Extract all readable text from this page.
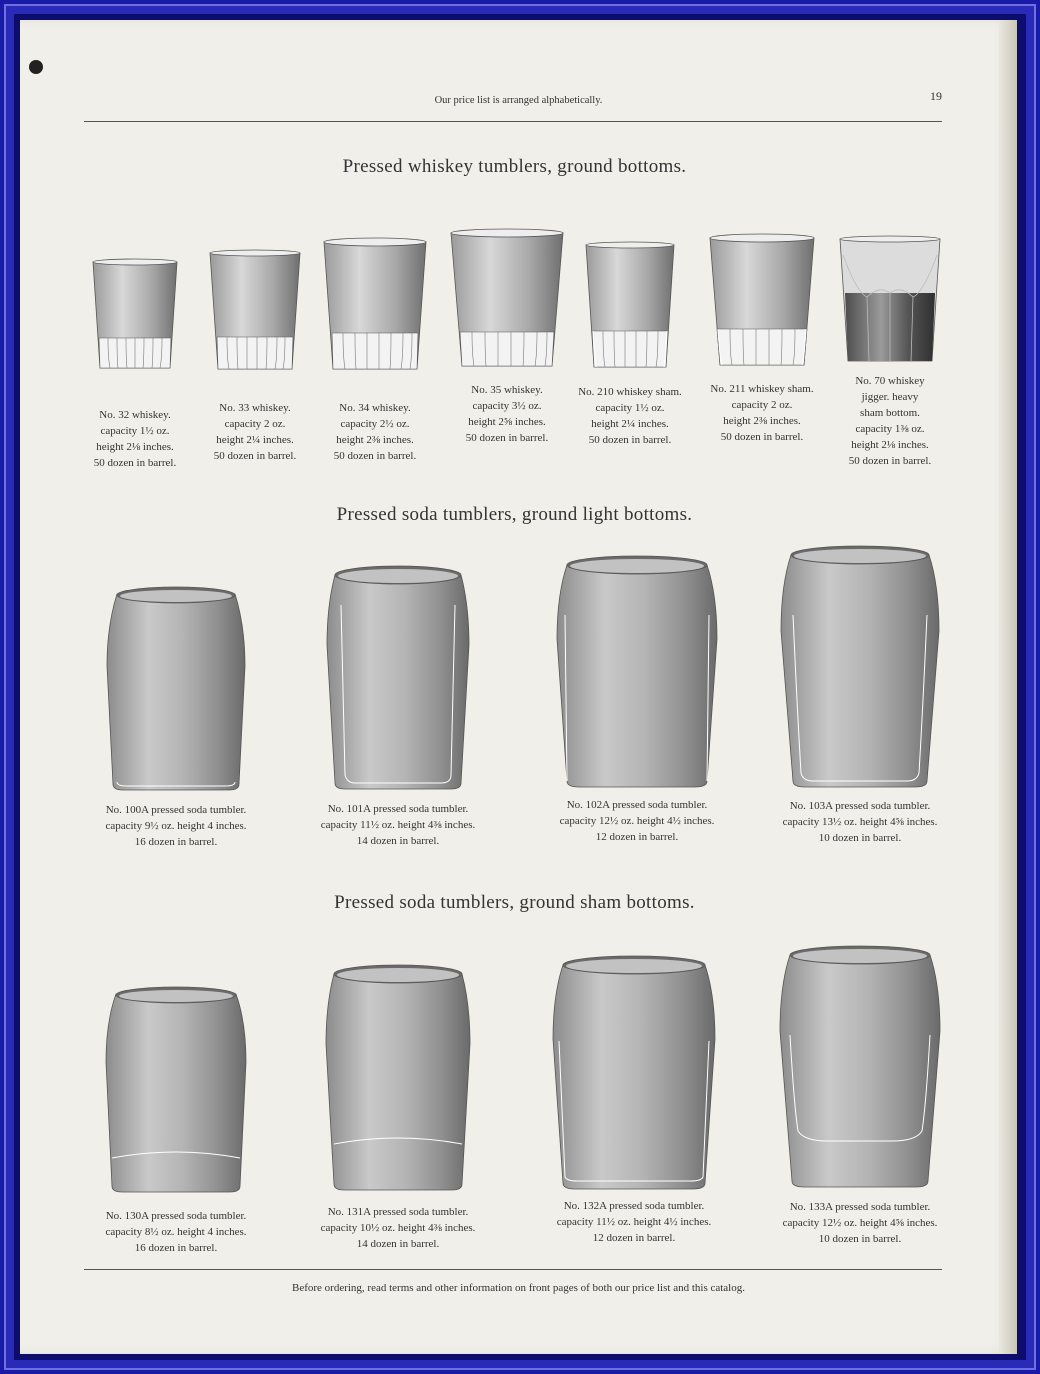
Our price list is arranged alphabetically.	19
Pressed whiskey tumblers, ground bottoms.
No. 32 whiskey.
capacity 1½ oz.
height 2⅛ inches.
50 dozen in barrel.
No. 33 whiskey.
capacity 2 oz.
height 2¼ inches.
50 dozen in barrel.
No. 34 whiskey.
capacity 2½ oz.
height 2⅜ inches.
50 dozen in barrel.
No. 35 whiskey.
capacity 3½ oz.
height 2⅝ inches.
50 dozen in barrel.
No. 210 whiskey sham.
capacity 1½ oz.
height 2¼ inches.
50 dozen in barrel.
No. 211 whiskey sham.
capacity 2 oz.
height 2⅜ inches.
50 dozen in barrel.
No. 70 whiskey
jigger. heavy
sham bottom.
capacity 1⅜ oz.
height 2⅛ inches.
50 dozen in barrel.
Pressed soda tumblers, ground light bottoms.
No. 100A pressed soda tumbler.
capacity 9½ oz. height 4 inches.
16 dozen in barrel.
No. 101A pressed soda tumbler.
capacity 11½ oz. height 4⅜ inches.
14 dozen in barrel.
No. 102A pressed soda tumbler.
capacity 12½ oz. height 4½ inches.
12 dozen in barrel.
No. 103A pressed soda tumbler.
capacity 13½ oz. height 4⅝ inches.
10 dozen in barrel.
Pressed soda tumblers, ground sham bottoms.
No. 130A pressed soda tumbler.
capacity 8½ oz. height 4 inches.
16 dozen in barrel.
No. 131A pressed soda tumbler.
capacity 10½ oz. height 4⅜ inches.
14 dozen in barrel.
No. 132A pressed soda tumbler.
capacity 11½ oz. height 4½ inches.
12 dozen in barrel.
No. 133A pressed soda tumbler.
capacity 12½ oz. height 4⅝ inches.
10 dozen in barrel.
Before ordering, read terms and other information on front pages of both our price list and this catalog.
